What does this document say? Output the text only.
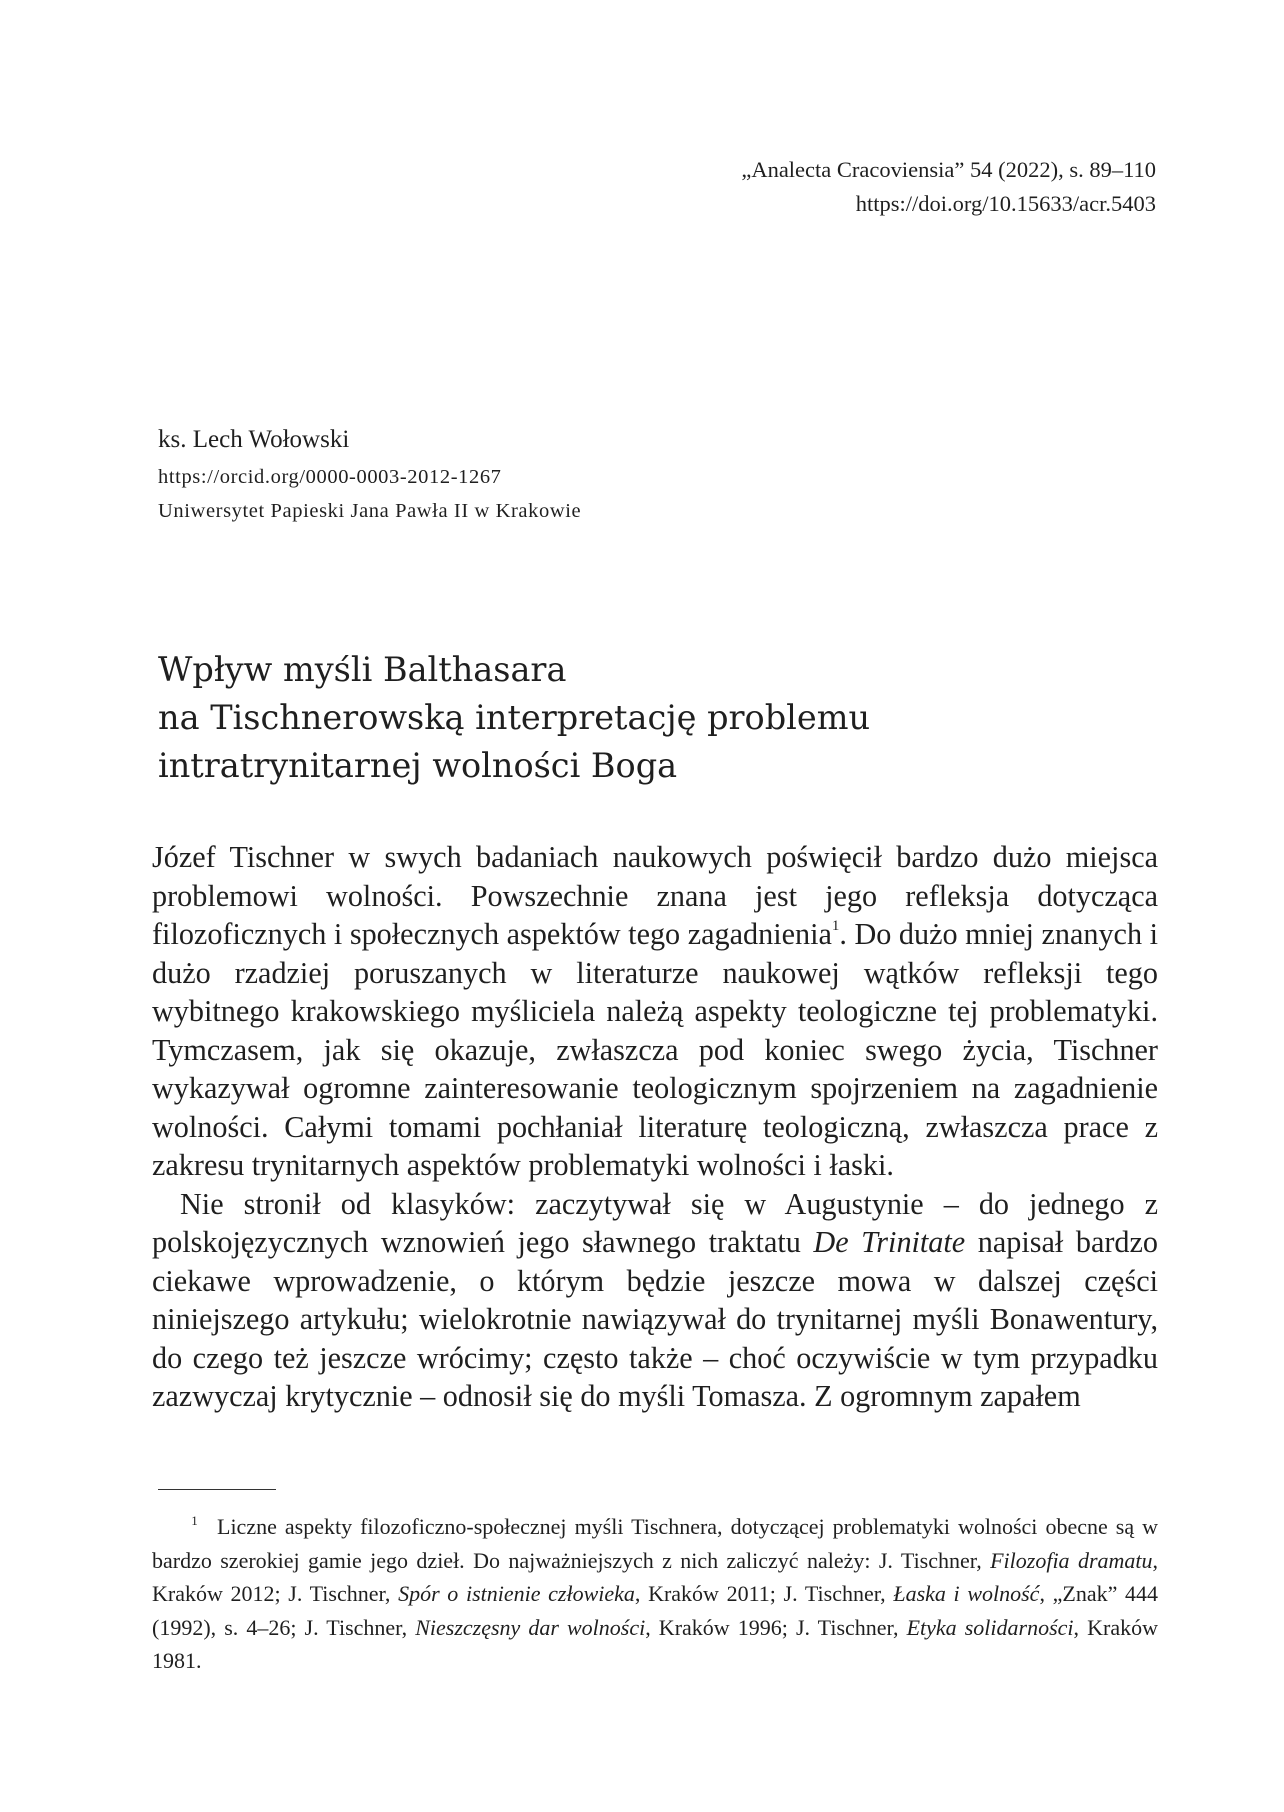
„Analecta Cracoviensia” 54 (2022), s. 89–110
https://doi.org/10.15633/acr.5403
ks. Lech Wołowski
https://orcid.org/0000-0003-2012-1267
Uniwersytet Papieski Jana Pawła II w Krakowie
Wpływ myśli Balthasara
na Tischnerowską interpretację problemu
intratrynitarnej wolności Boga

Józef Tischner w swych badaniach naukowych poświęcił bardzo dużo miejsca problemowi wolności. Powszechnie znana jest jego refleksja dotycząca filozoficznych i społecznych aspektów tego zagadnienia$^1$. Do dużo mniej znanych i dużo rzadziej poruszanych w literaturze naukowej wątków refleksji tego wybitnego krakowskiego myśliciela należą aspekty teologiczne tej problematyki. Tymczasem, jak się okazuje, zwłaszcza pod koniec swego życia, Tischner wykazywał ogromne zainteresowanie teologicznym spojrzeniem na zagadnienie wolności. Całymi tomami pochłaniał literaturę teologiczną, zwłaszcza prace z zakresu trynitarnych aspektów problematyki wolności i łaski.

Nie stronił od klasyków: zaczytywał się w Augustynie – do jednego z polskojęzycznych wznowień jego sławnego traktatu De Trinitate napisał bardzo ciekawe wprowadzenie, o którym będzie jeszcze mowa w dalszej części niniejszego artykułu; wielokrotnie nawiązywał do trynitarnej myśli Bonawentury, do czego też jeszcze wrócimy; często także – choć oczywiście w tym przypadku zazwyczaj krytycznie – odnosił się do myśli Tomasza. Z ogromnym zapałem

1 Liczne aspekty filozoficzno-społecznej myśli Tischnera, dotyczącej problematyki wolności obecne są w bardzo szerokiej gamie jego dzieł. Do najważniejszych z nich zaliczyć należy: J. Tischner, Filozofia dramatu, Kraków 2012; J. Tischner, Spór o istnienie człowieka, Kraków 2011; J. Tischner, Łaska i wolność, „Znak” 444 (1992), s. 4–26; J. Tischner, Nieszczęsny dar wolności, Kraków 1996; J. Tischner, Etyka solidarności, Kraków 1981.
